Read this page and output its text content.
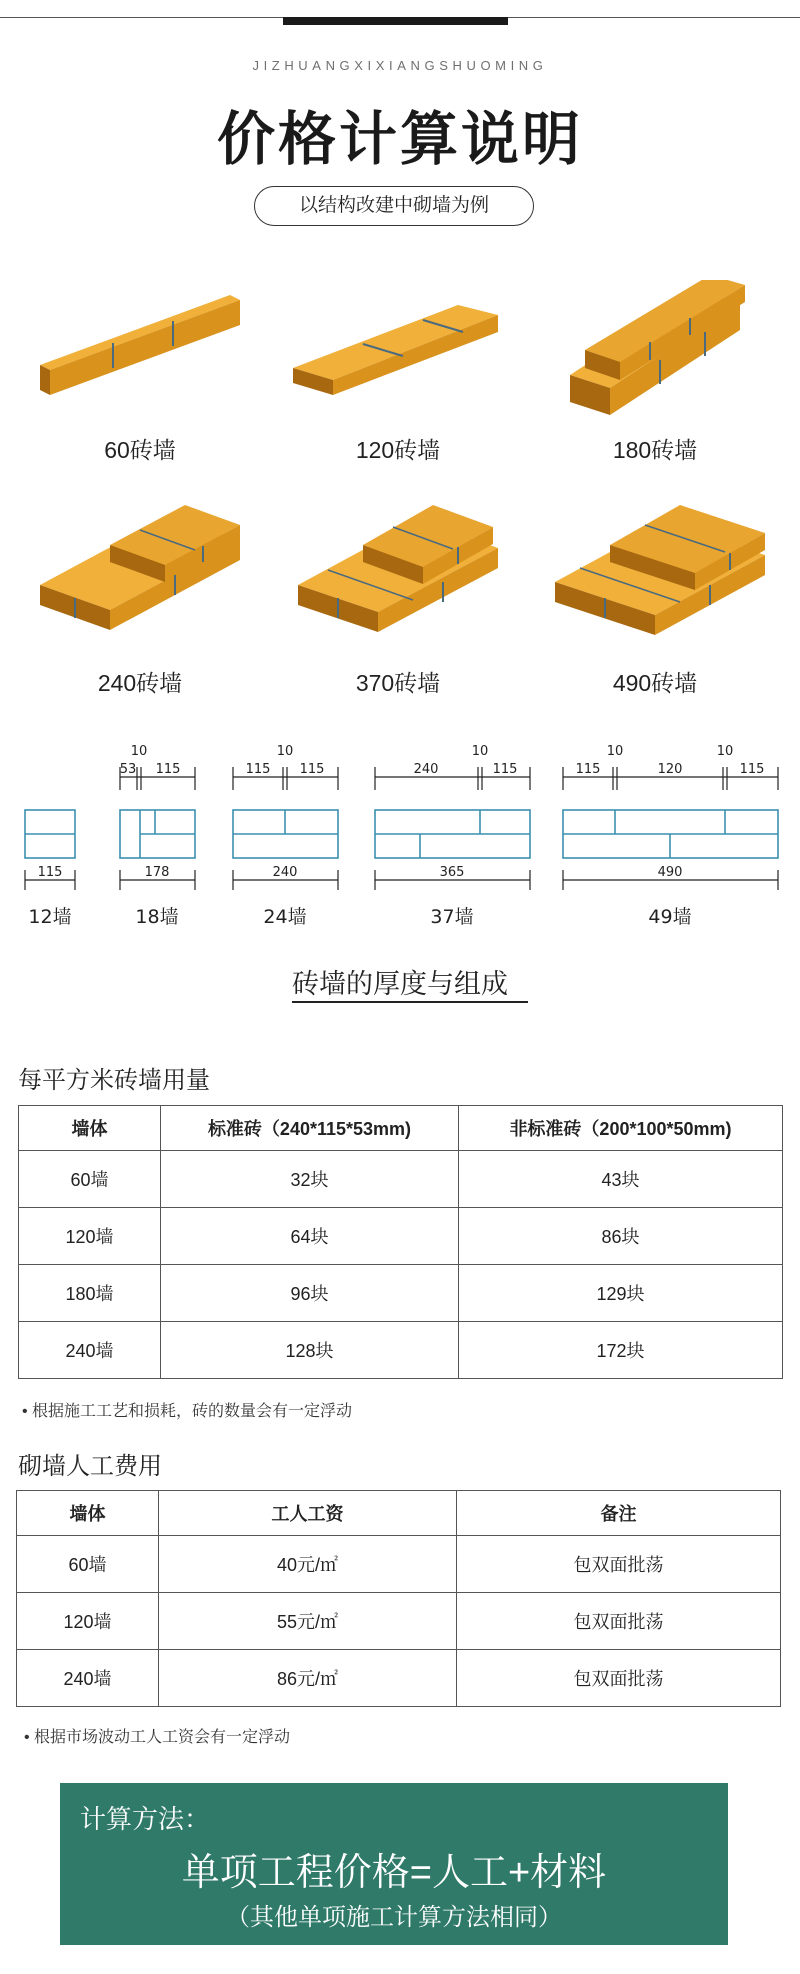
JIZHUANGXIXIANGSHUOMING
价格计算说明
以结构改建中砌墙为例
60砖墙	120砖墙	180砖墙
240砖墙	370砖墙	490砖墙
115	178	240	365	490
53
10
115	115
10
115	240
10
115	115
10
120
10
115
12墙	18墙	24墙	37墙	49墙
砖墙的厚度与组成
每平方米砖墙用量
墙体	标准砖（240*115*53mm)	非标准砖（200*100*50mm)
60墙	32块	43块
120墙	64块	86块
180墙	96块	129块
240墙	128块	172块
• 根据施工工艺和损耗，砖的数量会有一定浮动
砌墙人工费用
墙体	工人工资	备注
60墙	40元/㎡	包双面批荡
120墙	55元/㎡	包双面批荡
240墙	86元/㎡	包双面批荡
• 根据市场波动工人工资会有一定浮动
计算方法：
单项工程价格=人工+材料
（其他单项施工计算方法相同）
